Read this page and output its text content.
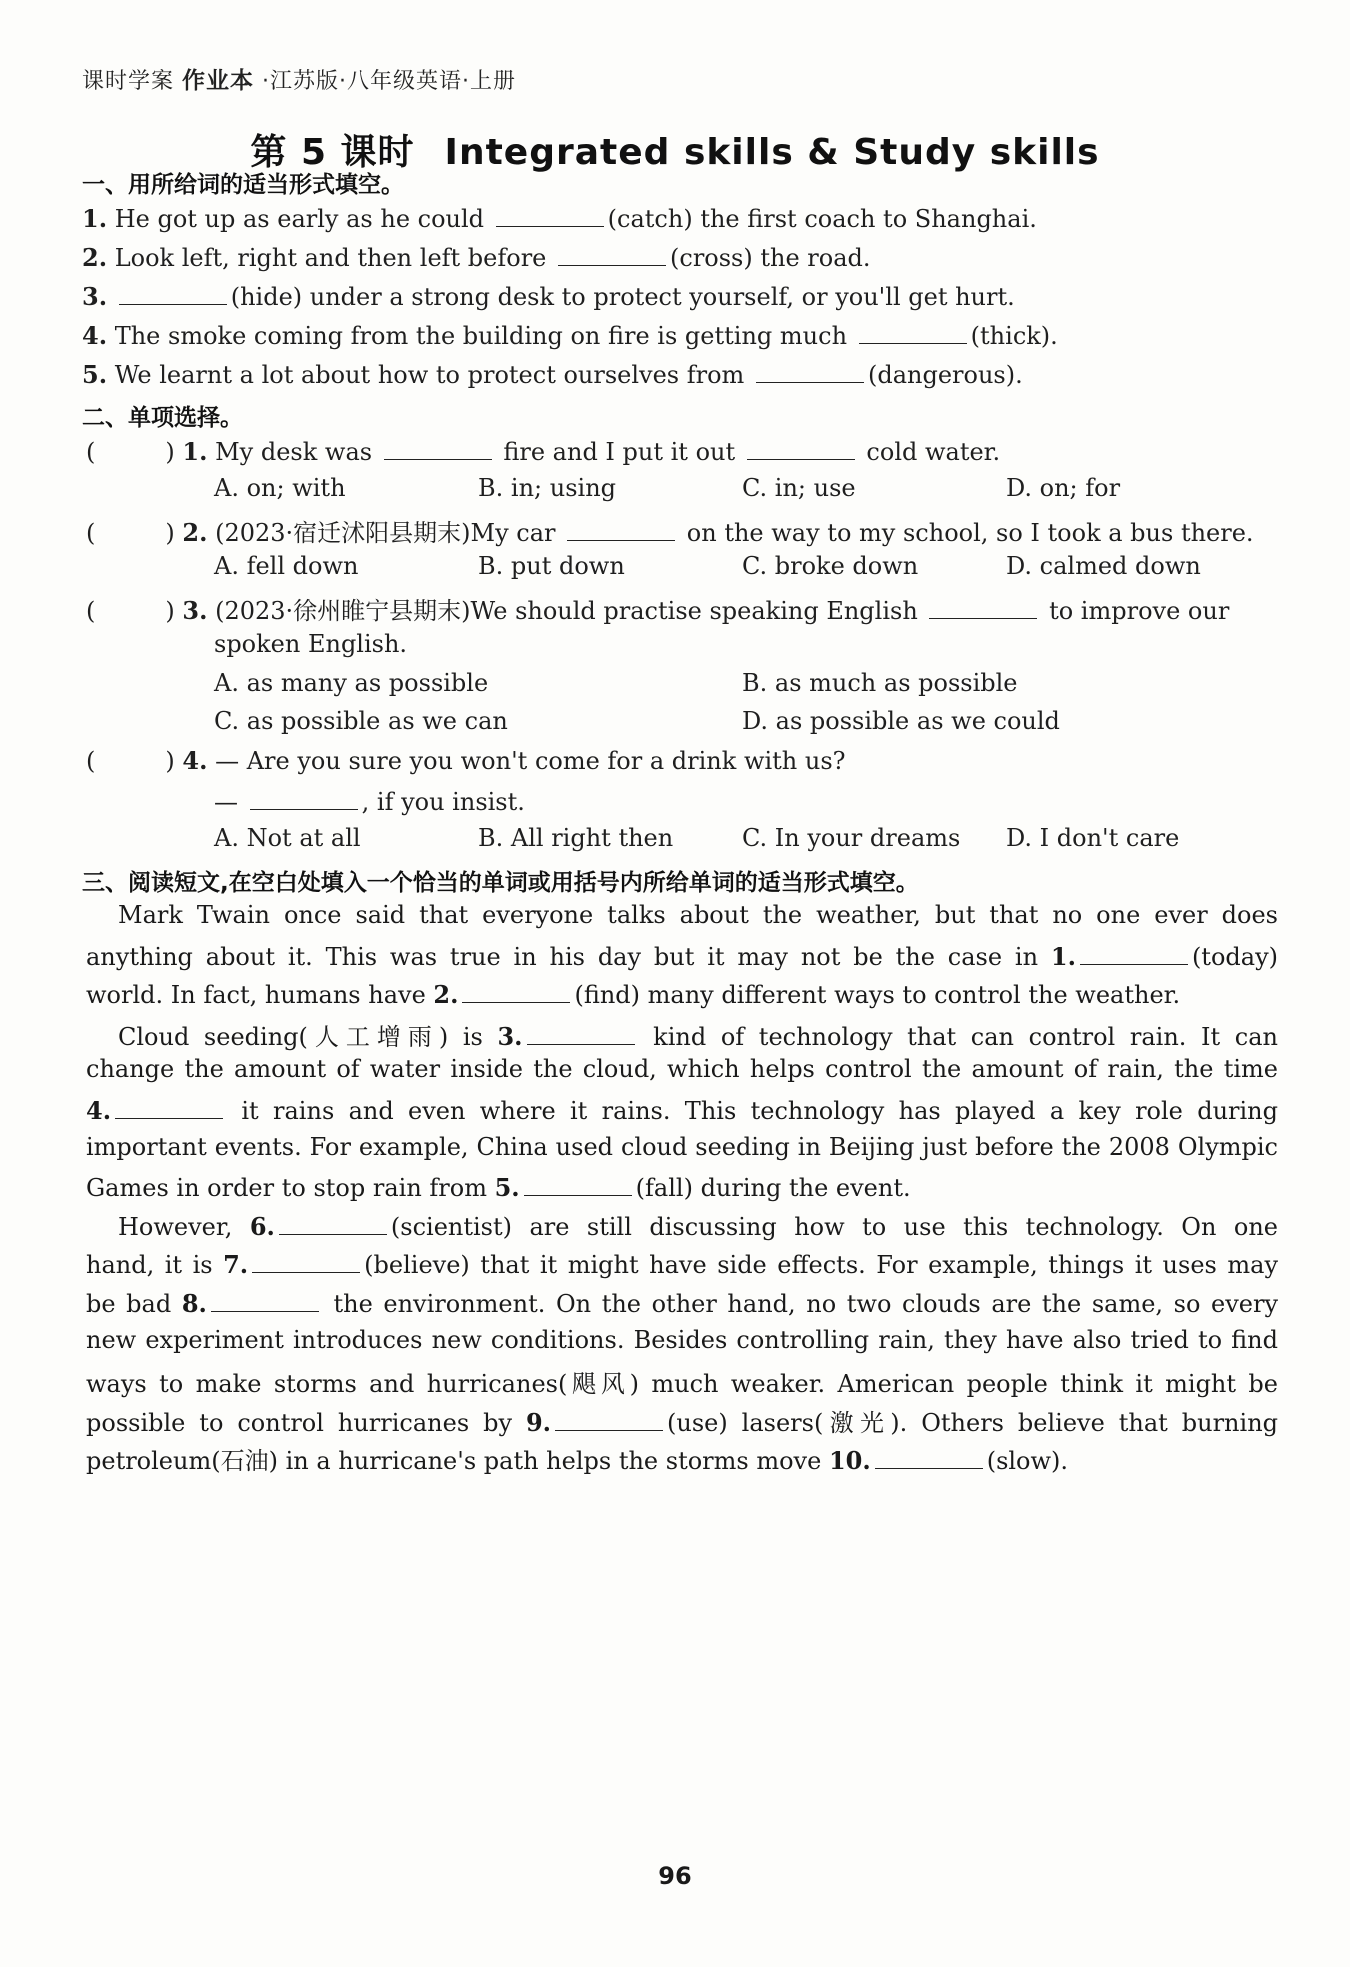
课时学案 作业本 ·江苏版·八年级英语·上册
第 5 课时 Integrated skills & Study skills
一、用所给词的适当形式填空。
1. He got up as early as he could	(catch) the first coach to Shanghai.
2. Look left, right and then left before	(cross) the road.
3.	(hide) under a strong desk to protect yourself, or you'll get hurt.
4. The smoke coming from the building on fire is getting much	(thick).
5. We learnt a lot about how to protect ourselves from	(dangerous).
二、单项选择。
(	) 1. My desk was	fire and I put it out	cold water.
A. on; with	B. in; using	C. in; use	D. on; for
(	) 2. (2023·宿迁沭阳县期末)My car	on the way to my school, so I took a bus there.
A. fell down	B. put down	C. broke down	D. calmed down
(	) 3. (2023·徐州睢宁县期末)We should practise speaking English	to improve our
spoken English.
A. as many as possible	B. as much as possible
C. as possible as we can	D. as possible as we could
(	) 4. — Are you sure you won't come for a drink with us?
—	, if you insist.
A. Not at all	B. All right then	C. In your dreams D. I don't care
三、阅读短文,在空白处填入一个恰当的单词或用括号内所给单词的适当形式填空。
Mark Twain once said that everyone talks about the weather, but that no one ever does
anything about it. This was true in his day but it may not be the case in 1.	(today)
world. In fact, humans have 2.	(find) many different ways to control the weather.
Cloud seeding(人工增雨) is 3.	kind of technology that can control rain. It can
change the amount of water inside the cloud, which helps control the amount of rain, the time
4.	it rains and even where it rains. This technology has played a key role during
important events. For example, China used cloud seeding in Beijing just before the 2008 Olympic
Games in order to stop rain from 5.	(fall) during the event.
However, 6.	(scientist) are still discussing how to use this technology. On one
hand, it is 7.	(believe) that it might have side effects. For example, things it uses may
be bad 8.	the environment. On the other hand, no two clouds are the same, so every
new experiment introduces new conditions. Besides controlling rain, they have also tried to find
ways to make storms and hurricanes(飓风) much weaker. American people think it might be
possible to control hurricanes by 9.	(use) lasers(激光). Others believe that burning
petroleum(石油) in a hurricane's path helps the storms move 10.	(slow).
96
